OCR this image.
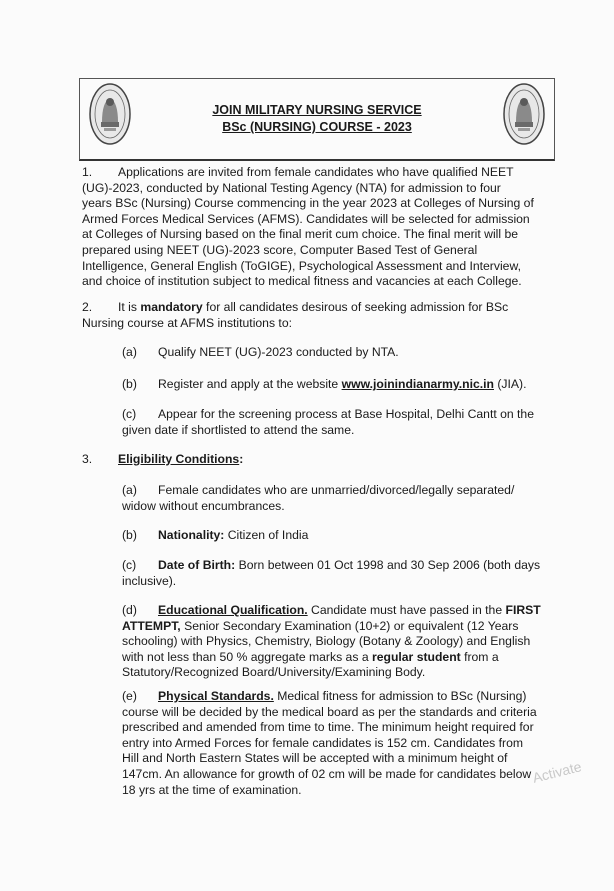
JOIN MILITARY NURSING SERVICE
BSc (NURSING) COURSE - 2023
1. Applications are invited from female candidates who have qualified NEET
(UG)-2023, conducted by National Testing Agency (NTA) for admission to four
years BSc (Nursing) Course commencing in the year 2023 at Colleges of Nursing of
Armed Forces Medical Services (AFMS). Candidates will be selected for admission
at Colleges of Nursing based on the final merit cum choice. The final merit will be
prepared using NEET (UG)-2023 score, Computer Based Test of General
Intelligence, General English (ToGIGE), Psychological Assessment and Interview,
and choice of institution subject to medical fitness and vacancies at each College.
2. It is mandatory for all candidates desirous of seeking admission for BSc
Nursing course at AFMS institutions to:
(a) Qualify NEET (UG)-2023 conducted by NTA.
(b) Register and apply at the website www.joinindianarmy.nic.in (JIA).
(c) Appear for the screening process at Base Hospital, Delhi Cantt on the
given date if shortlisted to attend the same.
3. Eligibility Conditions:
(a) Female candidates who are unmarried/divorced/legally separated/
widow without encumbrances.
(b) Nationality: Citizen of India
(c) Date of Birth: Born between 01 Oct 1998 and 30 Sep 2006 (both days
inclusive).
(d) Educational Qualification. Candidate must have passed in the FIRST
ATTEMPT, Senior Secondary Examination (10+2) or equivalent (12 Years
schooling) with Physics, Chemistry, Biology (Botany & Zoology) and English
with not less than 50 % aggregate marks as a regular student from a
Statutory/Recognized Board/University/Examining Body.
(e) Physical Standards. Medical fitness for admission to BSc (Nursing)
course will be decided by the medical board as per the standards and criteria
prescribed and amended from time to time. The minimum height required for
entry into Armed Forces for female candidates is 152 cm. Candidates from
Hill and North Eastern States will be accepted with a minimum height of
147cm. An allowance for growth of 02 cm will be made for candidates below
18 yrs at the time of examination.
Activate
